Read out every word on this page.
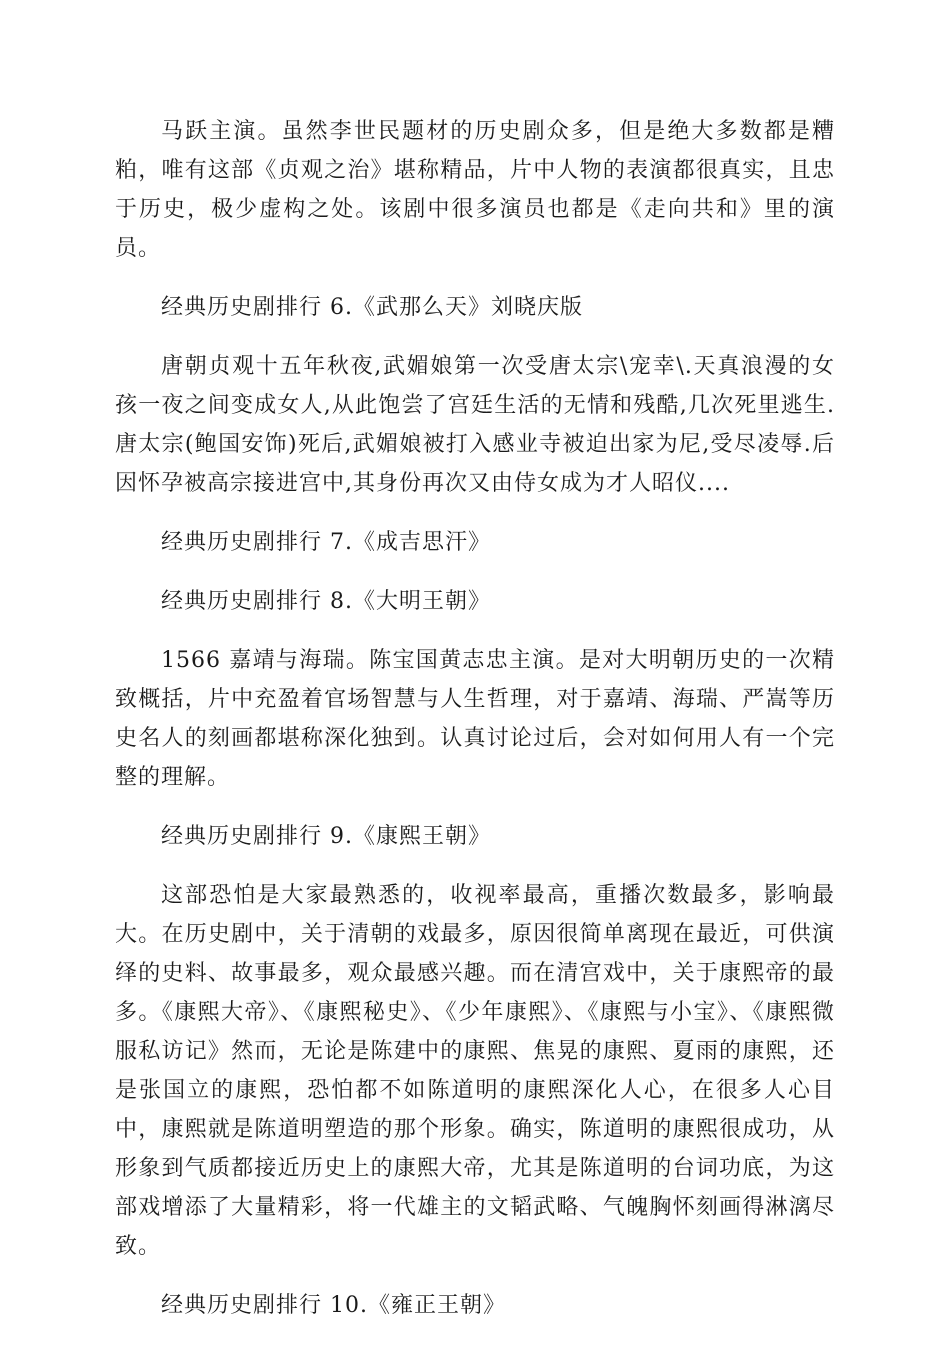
马跃主演。虽然李世民题材的历史剧众多，但是绝大多数都是糟粕，唯有这部《贞观之治》堪称精品，片中人物的表演都很真实，且忠于历史，极少虚构之处。该剧中很多演员也都是《走向共和》里的演员。

经典历史剧排行 6.《武那么天》刘晓庆版

唐朝贞观十五年秋夜,武媚娘第一次受唐太宗\宠幸\.天真浪漫的女孩一夜之间变成女人,从此饱尝了宫廷生活的无情和残酷,几次死里逃生.唐太宗(鲍国安饰)死后,武媚娘被打入感业寺被迫出家为尼,受尽凌辱.后因怀孕被高宗接进宫中,其身份再次又由侍女成为才人昭仪....

经典历史剧排行 7.《成吉思汗》

经典历史剧排行 8.《大明王朝》

1566 嘉靖与海瑞。陈宝国黄志忠主演。是对大明朝历史的一次精致概括，片中充盈着官场智慧与人生哲理，对于嘉靖、海瑞、严嵩等历史名人的刻画都堪称深化独到。认真讨论过后，会对如何用人有一个完整的理解。

经典历史剧排行 9.《康熙王朝》

这部恐怕是大家最熟悉的，收视率最高，重播次数最多，影响最大。在历史剧中，关于清朝的戏最多，原因很简单离现在最近，可供演绎的史料、故事最多，观众最感兴趣。而在清宫戏中，关于康熙帝的最多。《康熙大帝》、《康熙秘史》、《少年康熙》、《康熙与小宝》、《康熙微服私访记》然而，无论是陈建中的康熙、焦晃的康熙、夏雨的康熙，还是张国立的康熙，恐怕都不如陈道明的康熙深化人心，在很多人心目中，康熙就是陈道明塑造的那个形象。确实，陈道明的康熙很成功，从形象到气质都接近历史上的康熙大帝，尤其是陈道明的台词功底，为这部戏增添了大量精彩，将一代雄主的文韬武略、气魄胸怀刻画得淋漓尽致。

经典历史剧排行 10.《雍正王朝》
